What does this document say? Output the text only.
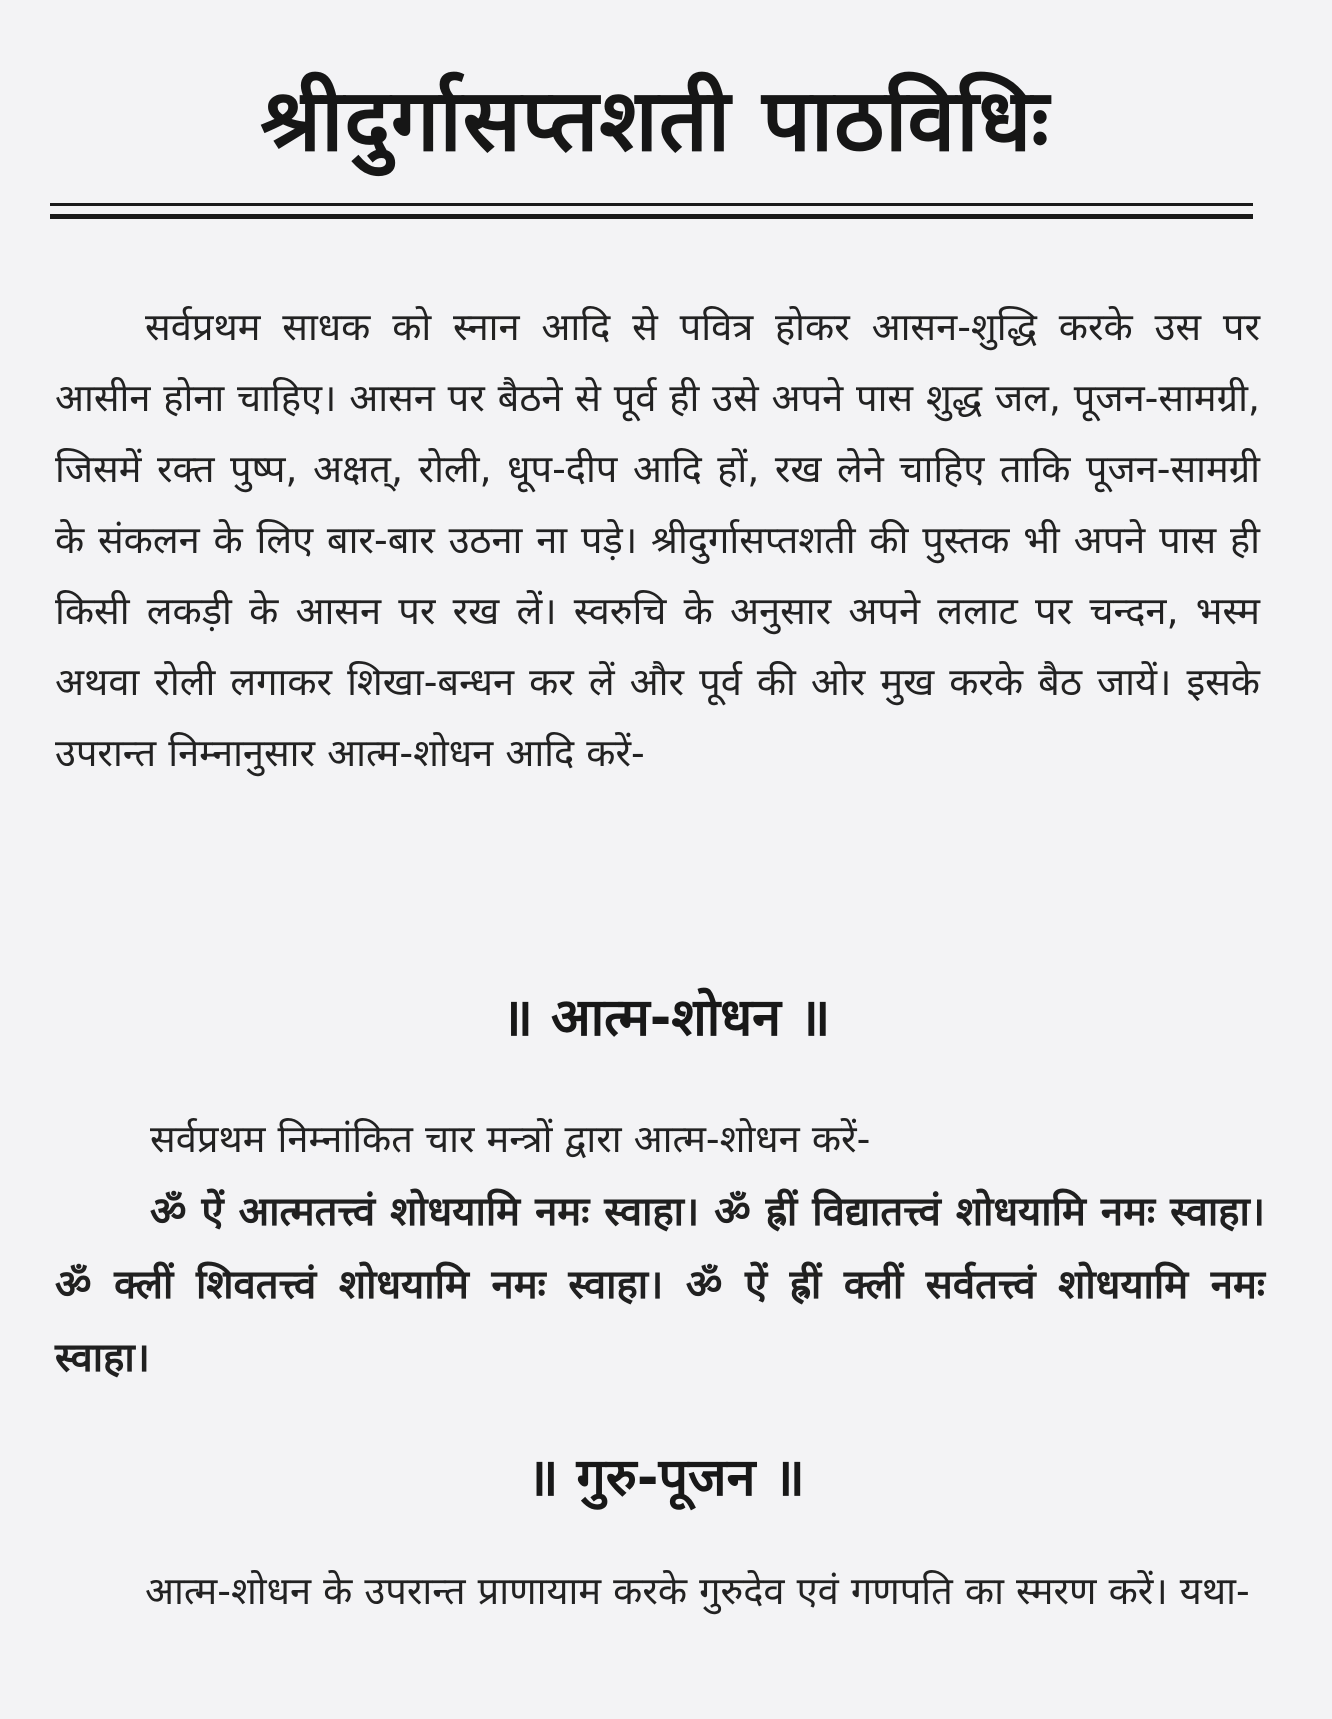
श्रीदुर्गासप्तशती पाठविधिः
सर्वप्रथम साधक को स्नान आदि से पवित्र होकर आसन-शुद्धि करके उस पर आसीन होना चाहिए। आसन पर बैठने से पूर्व ही उसे अपने पास शुद्ध जल, पूजन-सामग्री, जिसमें रक्त पुष्प, अक्षत्, रोली, धूप-दीप आदि हों, रख लेने चाहिए ताकि पूजन-सामग्री के संकलन के लिए बार-बार उठना ना पड़े। श्रीदुर्गासप्तशती की पुस्तक भी अपने पास ही किसी लकड़ी के आसन पर रख लें। स्वरुचि के अनुसार अपने ललाट पर चन्दन, भस्म अथवा रोली लगाकर शिखा-बन्धन कर लें और पूर्व की ओर मुख करके बैठ जायें। इसके उपरान्त निम्नानुसार आत्म-शोधन आदि करें-
॥ आत्म-शोधन ॥
सर्वप्रथम निम्नांकित चार मन्त्रों द्वारा आत्म-शोधन करें-
ॐ ऐं आत्मतत्त्वं शोधयामि नमः स्वाहा। ॐ ह्रीं विद्यातत्त्वं शोधयामि नमः स्वाहा। ॐ क्लीं शिवतत्त्वं शोधयामि नमः स्वाहा। ॐ ऐं ह्रीं क्लीं सर्वतत्त्वं शोधयामि नमः स्वाहा।
॥ गुरु-पूजन ॥
आत्म-शोधन के उपरान्त प्राणायाम करके गुरुदेव एवं गणपति का स्मरण करें। यथा-
